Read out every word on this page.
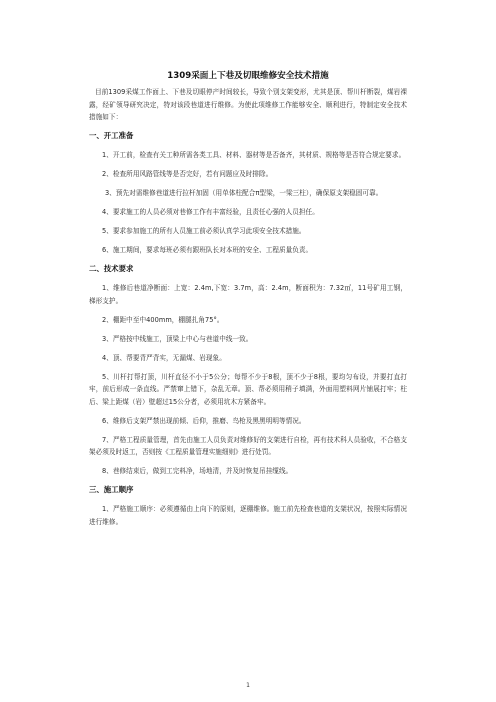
1309采面上下巷及切眼维修安全技术措施
目前1309采煤工作面上、下巷及切眼停产时间较长，导致个别支架变形，尤其是顶、帮川杆断裂，煤岩裸露，经矿领导研究决定，特对该段巷道进行维修。为使此项维修工作能够安全、顺利进行，特制定安全技术措施如下：
一、开工准备
1、开工前，检查有关工种所需各类工具、材料、器材等是否备齐，其材质、规格等是否符合规定要求。
2、检查所用风路管线等是否完好，若有问题应及时排除。
3、预先对需维修巷道进行拉杆加固（用单体柱配合π型梁，一梁三柱），确保原支架稳固可靠。
4、要求施工的人员必须对巷修工作有丰富经验，且责任心强的人员担任。
5、要求参加施工的所有人员施工前必须认真学习此项安全技术措施。
6、施工期间，要求每班必须有跟班队长对本班的安全、工程质量负责。
二、技术要求
1、维修后巷道净断面：上宽：2.4m,下宽：3.7m，高：2.4m，断面积为：7.32㎡，11号矿用工钢，梯形支护。
2、棚距中至中400mm，棚腿扎角75°。
3、严格按中线施工，顶梁上中心与巷道中线一致。
4、顶、帮要背严背实，无漏煤、岩现象。
5、川杆打帮打顶，川杆直径不小于5公分；每帮不少于8根，顶不少于8根，要均匀布设，并要打直打牢，前后形成一条直线。严禁窜上错下，杂乱无章。顶、帮必须用稍子填满，外面用塑料网片铺展打牢；柱后、梁上距煤（岩）壁超过15公分者，必须用坑木方紧备牢。
6、维修后支架严禁出现前倾、后仰，推磨、鸟枪及黑黑明明等情况。
7、严格工程质量管理，首先由施工人员负责对维修好的支架进行自检，再有技术科人员验收，不合格支架必须及时返工，否则按《工程质量管理实施细则》进行处罚。
8、巷修结束后，做到工完料净，场地清，并及时恢复吊挂缆线。
三、施工顺序
1、严格施工顺序：必须遵循由上向下的原则，逐棚维修。施工前先检查巷道的支架状况，按照实际情况进行维修。
1
